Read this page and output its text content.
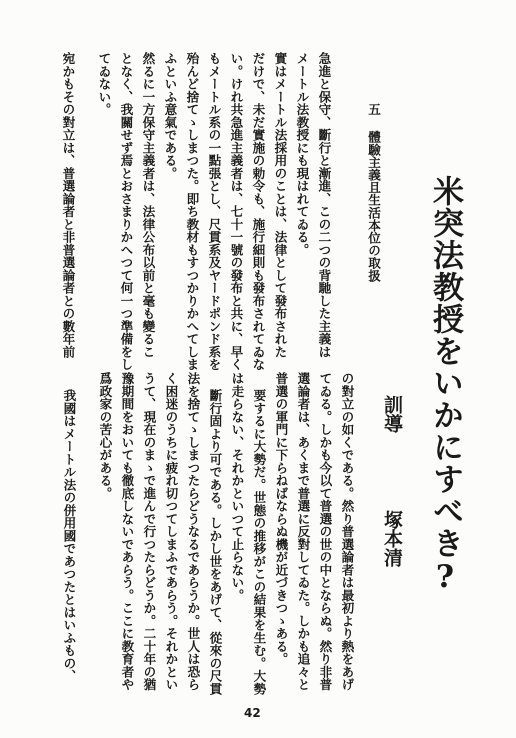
米突法教授をいかにすべき?
訓導
塚本清
五 體驗主義且生活本位の取扱
急進と保守、斷行と漸進、この二つの背馳した主義は
メートル法教授にも現はれてゐる。
實はメートル法採用のことは、法律として發布された
だけで、未だ實施の勅令も、施行細則も發布されてゐな
い。けれ共急進主義者は、七十一號の發布と共に、早く
もメートル系の一點張とし、尺貫系及ヤードポンド系を
殆んど捨てゝしまつた。即ち教材もすつかりかへてしま
ふといふ意氣である。
然るに一方保守主義者は、法律公布以前と毫も變るこ
となく、我關せず焉とおさまりかへつて何一つ準備をし
てゐない。
宛かもその對立は、普選論者と非普選論者との數年前
の對立の如くである。然り普選論者は最初より熱をあげ
てゐる。しかも今以て普選の世の中とならぬ。然り非普
選論者は、あくまで普選に反對してゐた。しかも追々と
普選の軍門に下らねばならぬ機が近づきつゝある。
要するに大勢だ。世態の推移がこの結果を生む。大勢
は走らない、それかといつて止らない。
斷行固より可である。しかし世をあげて、從來の尺貫
法を捨てゝしまつたらどうなるであらうか。世人は恐ら
く困迷のうちに疲れ切つてしまふであらう。それかとい
うて、現在のまゝで進んで行つたらどうか。二十年の猶
豫期間をおいても徹底しないであらう。ここに教育者や
爲政家の苦心がある。
我國はメートル法の併用國であつたとはいふもの、
42
